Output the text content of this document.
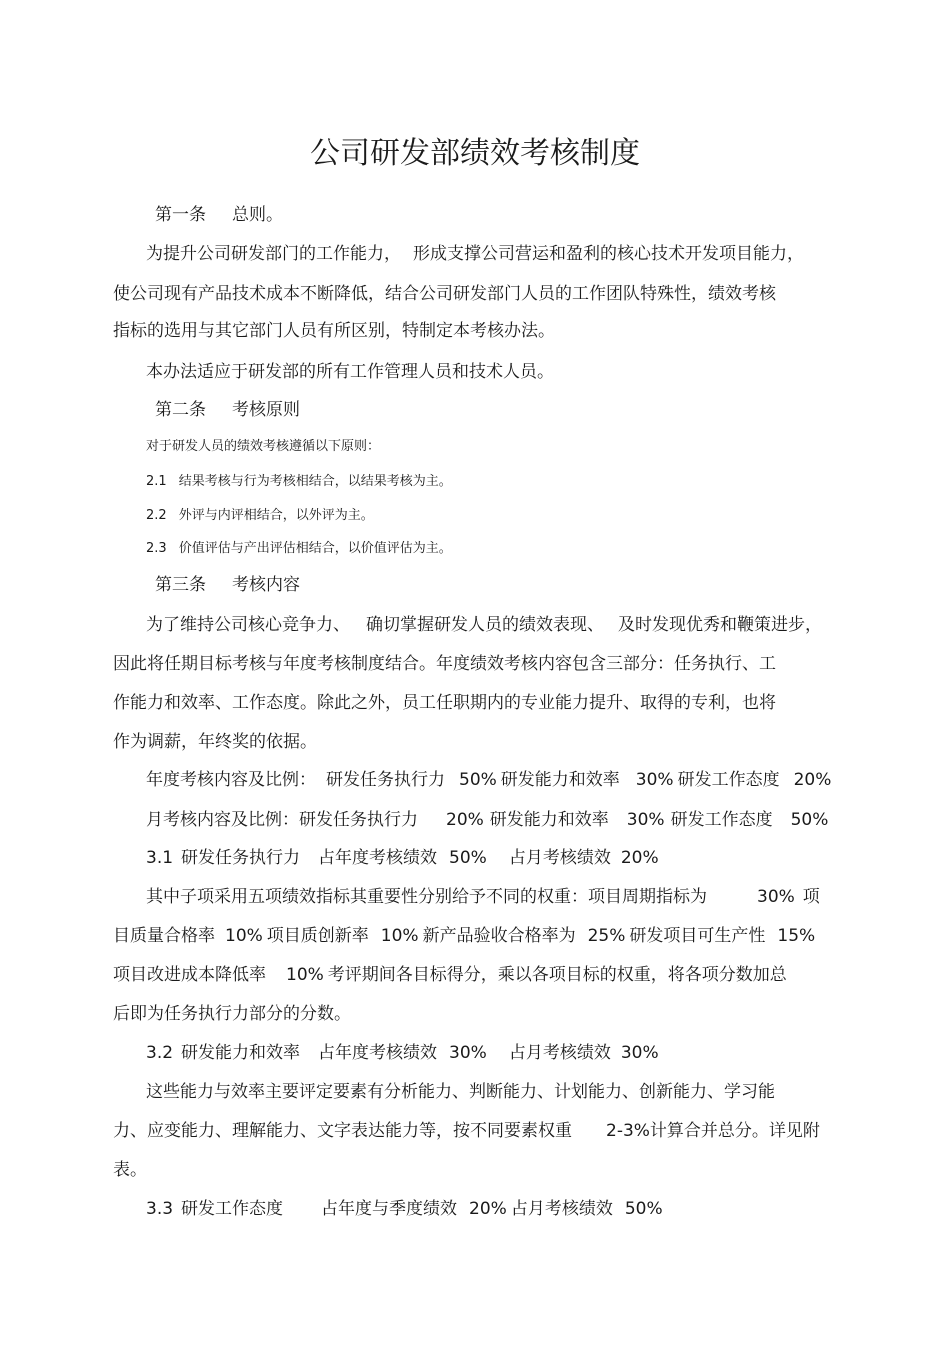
公司研发部绩效考核制度
第一条 总则。
为提升公司研发部门的工作能力， 形成支撑公司营运和盈利的核心技术开发项目能力，
使公司现有产品技术成本不断降低，结合公司研发部门人员的工作团队特殊性，绩效考核
指标的选用与其它部门人员有所区别，特制定本考核办法。
本办法适应于研发部的所有工作管理人员和技术人员。
第二条 考核原则
对于研发人员的绩效考核遵循以下原则：
2.1 结果考核与行为考核相结合，以结果考核为主。
2.2 外评与内评相结合，以外评为主。
2.3 价值评估与产出评估相结合，以价值评估为主。
第三条 考核内容
为了维持公司核心竞争力、 确切掌握研发人员的绩效表现、 及时发现优秀和鞭策进步，
因此将任期目标考核与年度考核制度结合。年度绩效考核内容包含三部分：任务执行、工
作能力和效率、工作态度。除此之外，员工任职期内的专业能力提升、取得的专利，也将
作为调薪，年终奖的依据。
年度考核内容及比例： 研发任务执行力 50% 研发能力和效率 30% 研发工作态度 20%
月考核内容及比例：研发任务执行力 20% 研发能力和效率 30% 研发工作态度 50%
3.1 研发任务执行力 占年度考核绩效 50% 占月考核绩效 20%
其中子项采用五项绩效指标其重要性分别给予不同的权重：项目周期指标为	30% 项
目质量合格率 10% 项目质创新率 10% 新产品验收合格率为 25% 研发项目可生产性 15%
项目改进成本降低率 10% 考评期间各目标得分，乘以各项目标的权重，将各项分数加总
后即为任务执行力部分的分数。
3.2 研发能力和效率 占年度考核绩效 30% 占月考核绩效 30%
这些能力与效率主要评定要素有分析能力、判断能力、计划能力、创新能力、学习能
力、应变能力、理解能力、文字表达能力等，按不同要素权重 2-3%计算合并总分。详见附
表。
3.3 研发工作态度 占年度与季度绩效 20% 占月考核绩效 50%
